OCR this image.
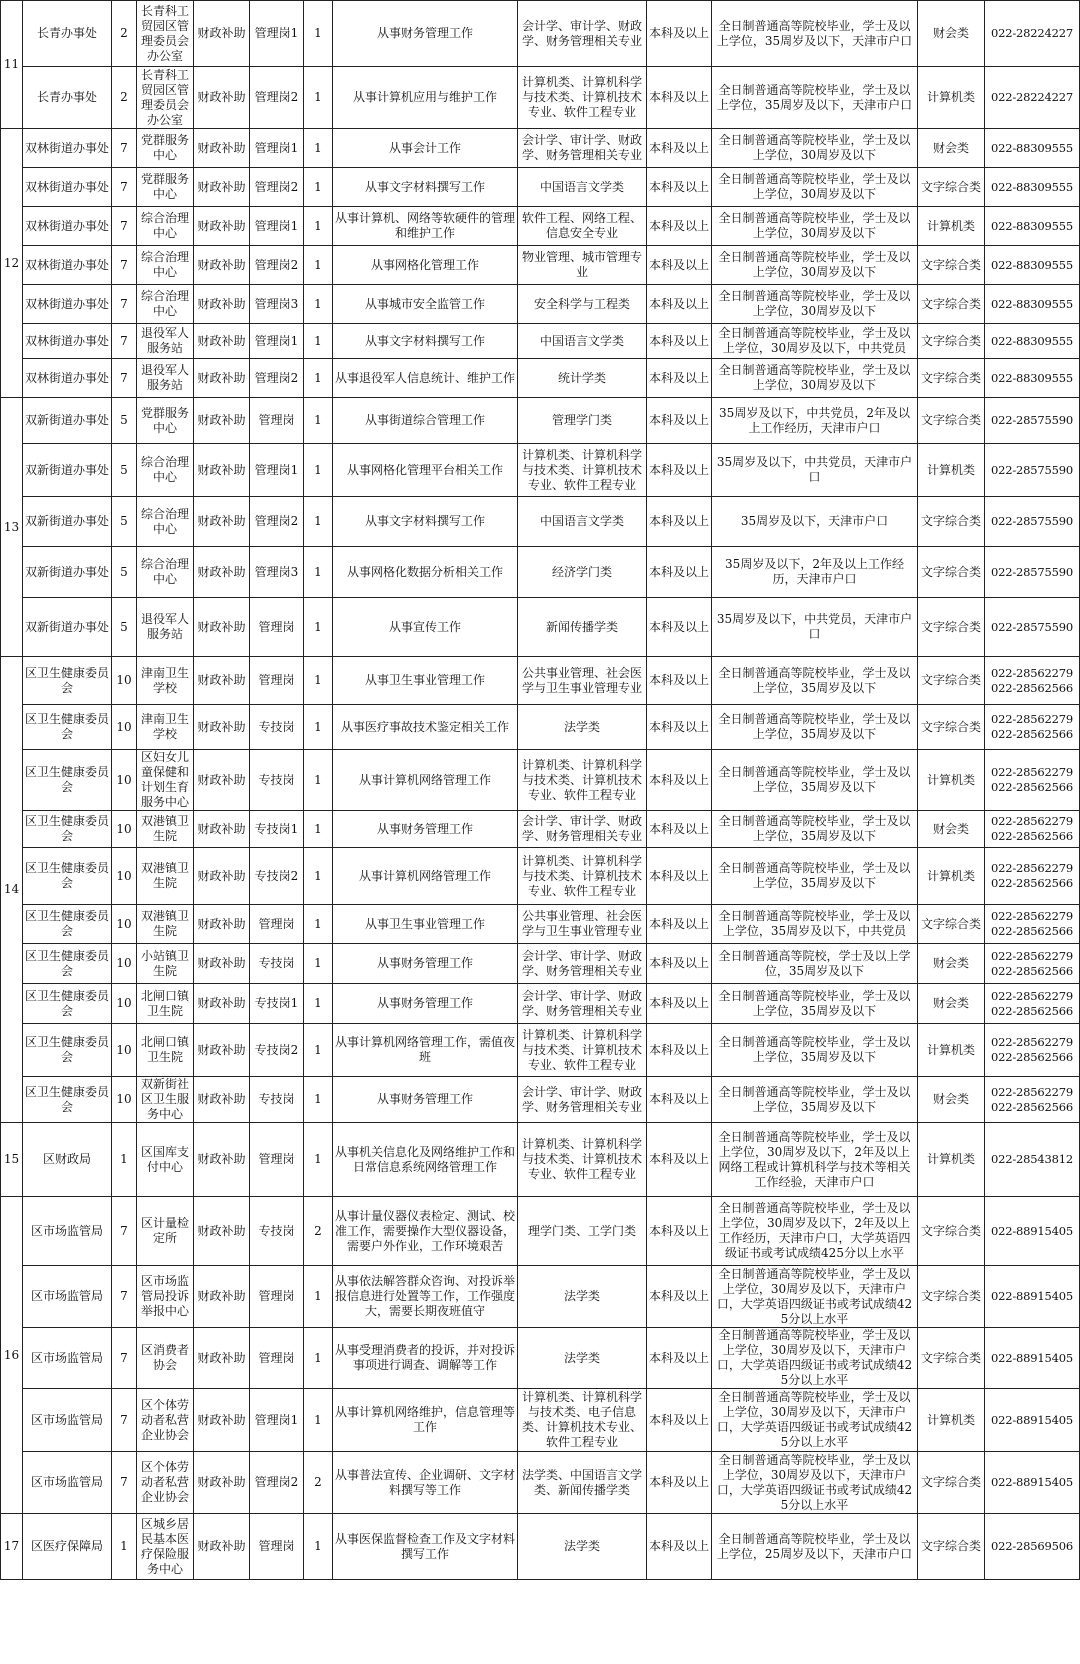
11	长青办事处	2	长青科工贸园区管理委员会办公室	财政补助	管理岗1	1	从事财务管理工作	会计学、审计学、财政学、财务管理相关专业	本科及以上	全日制普通高等院校毕业，学士及以上学位，35周岁及以下，天津市户口	财会类	022-28224227
	长青办事处	2	长青科工贸园区管理委员会办公室	财政补助	管理岗2	1	从事计算机应用与维护工作	计算机类、计算机科学与技术类、计算机技术专业、软件工程专业	本科及以上	全日制普通高等院校毕业，学士及以上学位，35周岁及以下，天津市户口	计算机类	022-28224227
12	双林街道办事处	7	党群服务中心	财政补助	管理岗1	1	从事会计工作	会计学、审计学、财政学、财务管理相关专业	本科及以上	全日制普通高等院校毕业，学士及以上学位，30周岁及以下	财会类	022-88309555
	双林街道办事处	7	党群服务中心	财政补助	管理岗2	1	从事文字材料撰写工作	中国语言文学类	本科及以上	全日制普通高等院校毕业，学士及以上学位，30周岁及以下	文字综合类	022-88309555
	双林街道办事处	7	综合治理中心	财政补助	管理岗1	1	从事计算机、网络等软硬件的管理和维护工作	软件工程、网络工程、信息安全专业	本科及以上	全日制普通高等院校毕业，学士及以上学位，30周岁及以下	计算机类	022-88309555
	双林街道办事处	7	综合治理中心	财政补助	管理岗2	1	从事网格化管理工作	物业管理、城市管理专业	本科及以上	全日制普通高等院校毕业，学士及以上学位，30周岁及以下	文字综合类	022-88309555
	双林街道办事处	7	综合治理中心	财政补助	管理岗3	1	从事城市安全监管工作	安全科学与工程类	本科及以上	全日制普通高等院校毕业，学士及以上学位，30周岁及以下	文字综合类	022-88309555
	双林街道办事处	7	退役军人服务站	财政补助	管理岗1	1	从事文字材料撰写工作	中国语言文学类	本科及以上	全日制普通高等院校毕业，学士及以上学位，30周岁及以下，中共党员	文字综合类	022-88309555
	双林街道办事处	7	退役军人服务站	财政补助	管理岗2	1	从事退役军人信息统计、维护工作	统计学类	本科及以上	全日制普通高等院校毕业，学士及以上学位，30周岁及以下	文字综合类	022-88309555
13	双新街道办事处	5	党群服务中心	财政补助	管理岗	1	从事街道综合管理工作	管理学门类	本科及以上	35周岁及以下，中共党员，2年及以上工作经历，天津市户口	文字综合类	022-28575590
	双新街道办事处	5	综合治理中心	财政补助	管理岗1	1	从事网格化管理平台相关工作	计算机类、计算机科学与技术类、计算机技术专业、软件工程专业	本科及以上	35周岁及以下，中共党员，天津市户口	计算机类	022-28575590
	双新街道办事处	5	综合治理中心	财政补助	管理岗2	1	从事文字材料撰写工作	中国语言文学类	本科及以上	35周岁及以下，天津市户口	文字综合类	022-28575590
	双新街道办事处	5	综合治理中心	财政补助	管理岗3	1	从事网格化数据分析相关工作	经济学门类	本科及以上	35周岁及以下，2年及以上工作经历，天津市户口	文字综合类	022-28575590
	双新街道办事处	5	退役军人服务站	财政补助	管理岗	1	从事宣传工作	新闻传播学类	本科及以上	35周岁及以下，中共党员，天津市户口	文字综合类	022-28575590
14	区卫生健康委员会	10	津南卫生学校	财政补助	管理岗	1	从事卫生事业管理工作	公共事业管理、社会医学与卫生事业管理专业	本科及以上	全日制普通高等院校毕业，学士及以上学位，35周岁及以下	文字综合类	022-28562279 022-28562566
	区卫生健康委员会	10	津南卫生学校	财政补助	专技岗	1	从事医疗事故技术鉴定相关工作	法学类	本科及以上	全日制普通高等院校毕业，学士及以上学位，35周岁及以下	文字综合类	022-28562279 022-28562566
	区卫生健康委员会	10	区妇女儿童保健和计划生育服务中心	财政补助	专技岗	1	从事计算机网络管理工作	计算机类、计算机科学与技术类、计算机技术专业、软件工程专业	本科及以上	全日制普通高等院校毕业，学士及以上学位，35周岁及以下	计算机类	022-28562279 022-28562566
	区卫生健康委员会	10	双港镇卫生院	财政补助	专技岗1	1	从事财务管理工作	会计学、审计学、财政学、财务管理相关专业	本科及以上	全日制普通高等院校毕业，学士及以上学位，35周岁及以下	财会类	022-28562279 022-28562566
	区卫生健康委员会	10	双港镇卫生院	财政补助	专技岗2	1	从事计算机网络管理工作	计算机类、计算机科学与技术类、计算机技术专业、软件工程专业	本科及以上	全日制普通高等院校毕业，学士及以上学位，35周岁及以下	计算机类	022-28562279 022-28562566
	区卫生健康委员会	10	双港镇卫生院	财政补助	管理岗	1	从事卫生事业管理工作	公共事业管理、社会医学与卫生事业管理专业	本科及以上	全日制普通高等院校毕业，学士及以上学位，35周岁及以下，中共党员	文字综合类	022-28562279 022-28562566
	区卫生健康委员会	10	小站镇卫生院	财政补助	专技岗	1	从事财务管理工作	会计学、审计学、财政学、财务管理相关专业	本科及以上	全日制普通高等院校，学士及以上学位，35周岁及以下	财会类	022-28562279 022-28562566
	区卫生健康委员会	10	北闸口镇卫生院	财政补助	专技岗1	1	从事财务管理工作	会计学、审计学、财政学、财务管理相关专业	本科及以上	全日制普通高等院校毕业，学士及以上学位，35周岁及以下	财会类	022-28562279 022-28562566
	区卫生健康委员会	10	北闸口镇卫生院	财政补助	专技岗2	1	从事计算机网络管理工作，需值夜班	计算机类、计算机科学与技术类、计算机技术专业、软件工程专业	本科及以上	全日制普通高等院校毕业，学士及以上学位，35周岁及以下	计算机类	022-28562279 022-28562566
	区卫生健康委员会	10	双新街社区卫生服务中心	财政补助	专技岗	1	从事财务管理工作	会计学、审计学、财政学、财务管理相关专业	本科及以上	全日制普通高等院校毕业，学士及以上学位，35周岁及以下	财会类	022-28562279 022-28562566
15	区财政局	1	区国库支付中心	财政补助	管理岗	1	从事机关信息化及网络维护工作和日常信息系统网络管理工作	计算机类、计算机科学与技术类、计算机技术专业、软件工程专业	本科及以上	全日制普通高等院校毕业，学士及以上学位，30周岁及以下，2年及以上网络工程或计算机科学与技术等相关工作经验，天津市户口	计算机类	022-28543812
16	区市场监管局	7	区计量检定所	财政补助	专技岗	2	从事计量仪器仪表检定、测试、校准工作，需要操作大型仪器设备，需要户外作业，工作环境艰苦	理学门类、工学门类	本科及以上	全日制普通高等院校毕业，学士及以上学位，30周岁及以下，2年及以上工作经历，天津市户口，大学英语四级证书或考试成绩425分以上水平	文字综合类	022-88915405
	区市场监管局	7	区市场监管局投诉举报中心	财政补助	管理岗	1	从事依法解答群众咨询、对投诉举报信息进行处置等工作，工作强度大，需要长期夜班值守	法学类	本科及以上	全日制普通高等院校毕业，学士及以上学位，30周岁及以下，天津市户口，大学英语四级证书或考试成绩425分以上水平	文字综合类	022-88915405
	区市场监管局	7	区消费者协会	财政补助	管理岗	1	从事受理消费者的投诉，并对投诉事项进行调查、调解等工作	法学类	本科及以上	全日制普通高等院校毕业，学士及以上学位，30周岁及以下，天津市户口，大学英语四级证书或考试成绩425分以上水平	文字综合类	022-88915405
	区市场监管局	7	区个体劳动者私营企业协会	财政补助	管理岗1	1	从事计算机网络维护，信息管理等工作	计算机类、计算机科学与技术类、电子信息类、计算机技术专业、软件工程专业	本科及以上	全日制普通高等院校毕业，学士及以上学位，30周岁及以下，天津市户口，大学英语四级证书或考试成绩425分以上水平	计算机类	022-88915405
	区市场监管局	7	区个体劳动者私营企业协会	财政补助	管理岗2	2	从事普法宣传、企业调研、文字材料撰写等工作	法学类、中国语言文学类、新闻传播学类	本科及以上	全日制普通高等院校毕业，学士及以上学位，30周岁及以下，天津市户口，大学英语四级证书或考试成绩425分以上水平	文字综合类	022-88915405
17	区医疗保障局	1	区城乡居民基本医疗保险服务中心	财政补助	管理岗	1	从事医保监督检查工作及文字材料撰写工作	法学类	本科及以上	全日制普通高等院校毕业，学士及以上学位，25周岁及以下，天津市户口	文字综合类	022-28569506
